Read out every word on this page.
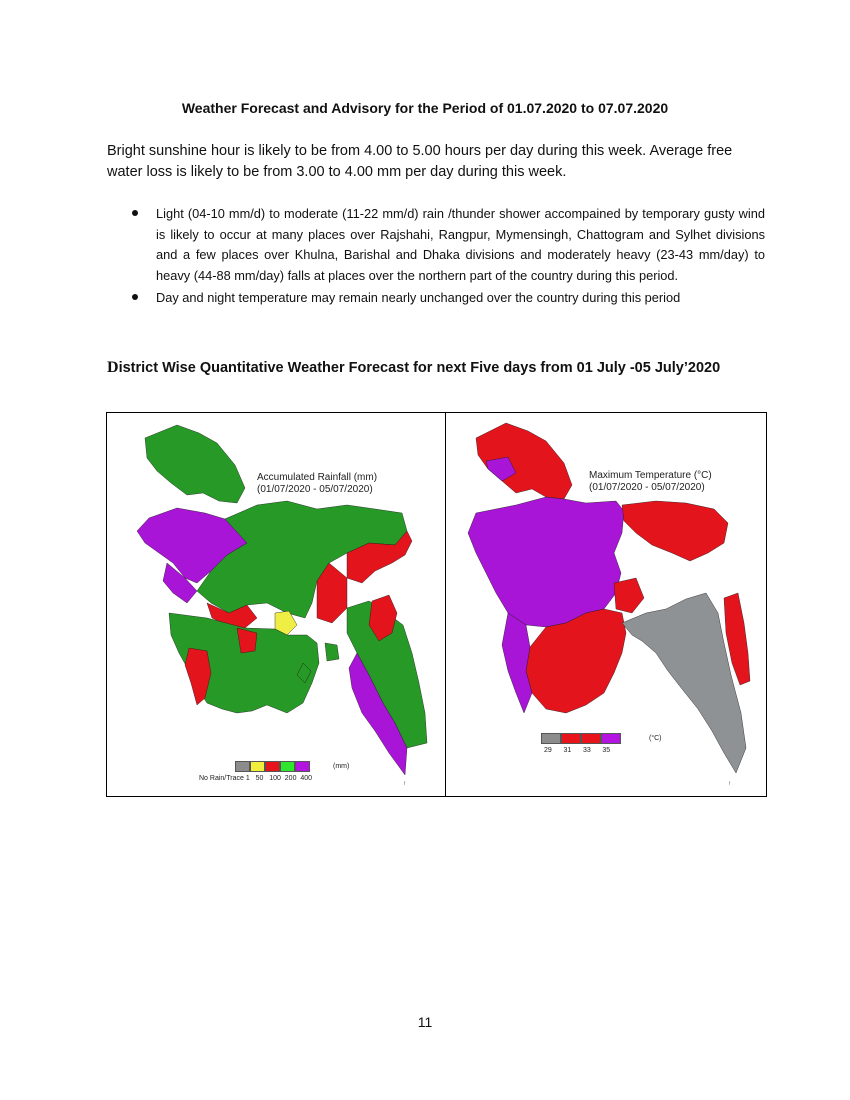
Weather Forecast and Advisory for the Period of 01.07.2020 to 07.07.2020
Bright sunshine hour is likely to be from 4.00 to 5.00 hours per day during this week. Average free water loss is likely to be from 3.00 to 4.00 mm per day during this week.
Light (04-10 mm/d) to moderate (11-22 mm/d) rain /thunder shower accompained by temporary gusty wind is likely to occur at many places over Rajshahi, Rangpur, Mymensingh, Chattogram and Sylhet divisions and a few places over Khulna, Barishal and Dhaka divisions and moderately heavy (23-43 mm/day) to heavy (44-88 mm/day) falls at places over the northern part of the country during this period.
Day and night temperature may remain nearly unchanged over the country during this period
District Wise Quantitative Weather Forecast for next Five days from 01 July -05 July’2020
Accumulated Rainfall (mm)
(01/07/2020 - 05/07/2020)
No Rain/Trace 1 50 100 200 400
(mm)
↑
Maximum Temperature (°C)
(01/07/2020 - 05/07/2020)
29 31 33 35
(°C)
↑
11
